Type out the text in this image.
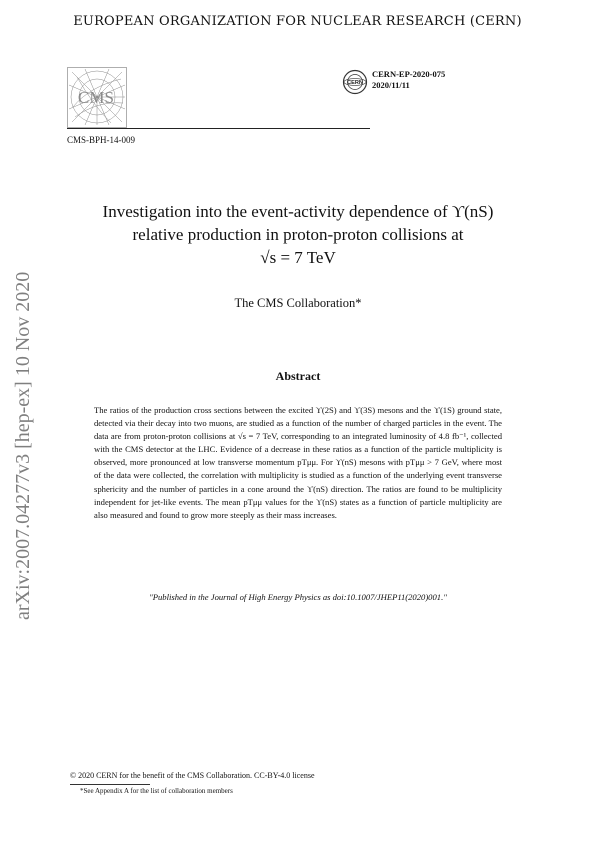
EUROPEAN ORGANIZATION FOR NUCLEAR RESEARCH (CERN)
CMS
CERN
CERN-EP-2020-075
2020/11/11
CMS-BPH-14-009
Investigation into the event-activity dependence of ϒ(nS)
relative production in proton-proton collisions at
√s = 7 TeV
The CMS Collaboration*
Abstract
The ratios of the production cross sections between the excited ϒ(2S) and ϒ(3S) mesons and the ϒ(1S) ground state, detected via their decay into two muons, are studied as a function of the number of charged particles in the event. The data are from proton-proton collisions at √s = 7 TeV, corresponding to an integrated luminosity of 4.8 fb⁻¹, collected with the CMS detector at the LHC. Evidence of a decrease in these ratios as a function of the particle multiplicity is observed, more pronounced at low transverse momentum pTμμ. For ϒ(nS) mesons with pTμμ > 7 GeV, where most of the data were collected, the correlation with multiplicity is studied as a function of the underlying event transverse sphericity and the number of particles in a cone around the ϒ(nS) direction. The ratios are found to be multiplicity independent for jet-like events. The mean pTμμ values for the ϒ(nS) states as a function of particle multiplicity are also measured and found to grow more steeply as their mass increases.
"Published in the Journal of High Energy Physics as doi:10.1007/JHEP11(2020)001."
© 2020 CERN for the benefit of the CMS Collaboration. CC-BY-4.0 license
*See Appendix A for the list of collaboration members
arXiv:2007.04277v3 [hep-ex] 10 Nov 2020
